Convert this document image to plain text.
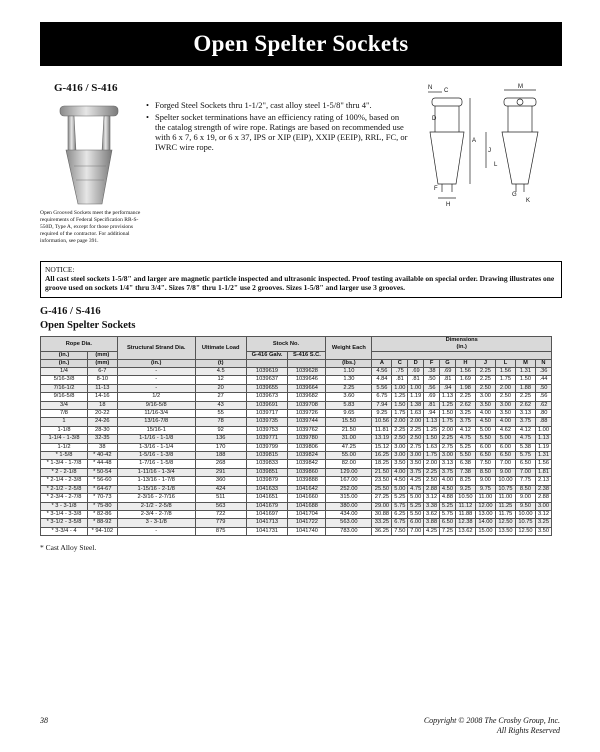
Open Spelter Sockets
G-416 / S-416
• Forged Steel Sockets thru 1-1/2", cast alloy steel 1-5/8" thru 4".
• Spelter socket terminations have an efficiency rating of 100%, based on the catalog strength of wire rope. Ratings are based on recommended use with 6 x 7, 6 x 19, or 6 x 37, IPS or XIP (EIP), XXIP (EEIP), RRL, FC, or IWRC wire rope.
N C
M
A
D
J
L
F
G
H
K
Open Grooved Sockets meet the performance requirements of Federal Specification RR-S-550D, Type A, except for those provisions required of the contractor. For additional information, see page 391.
NOTICE:
All cast steel sockets 1-5/8" and larger are magnetic particle inspected and ultrasonic inspected. Proof testing available on special order. Drawing illustrates one groove used on sockets 1/4" thru 3/4". Sizes 7/8" thru 1-1/2" use 2 grooves. Sizes 1-5/8" and larger use 3 grooves.
G-416 / S-416
Open Spelter Sockets
Rope Dia.		Structural Strand Dia.	Ultimate Load	Stock No.		Weight Each	Dimensions
(in.)									

(in.)	(mm)			G-416 Galv.	S-416 S.C.											
(in.)	(mm)	(in.)	(t)			(lbs.)	A	C	D	F	G	H	J	L	M	N
1/4	6-7	-	4.5	1039619	1039628	1.10	4.56	.75	.69	.38	.69	1.56	2.25	1.56	1.31	.36
5/16-3/8	8-10	-	12	1039637	1039646	1.30	4.84	.81	.81	.50	.81	1.69	2.25	1.75	1.50	.44
7/16-1/2	11-13	-	20	1039655	1039664	2.25	5.56	1.00	1.00	.56	.94	1.98	2.50	2.00	1.88	.50
9/16-5/8	14-16	1/2	27	1039673	1039682	3.60	6.75	1.25	1.19	.69	1.13	2.25	3.00	2.50	2.25	.56
3/4	18	9/16-5/8	43	1039691	1039708	5.83	7.94	1.50	1.38	.81	1.25	2.62	3.50	3.00	2.62	.62
7/8	20-22	11/16-3/4	55	1039717	1039726	9.65	9.25	1.75	1.63	.94	1.50	3.25	4.00	3.50	3.13	.80
1	24-26	13/16-7/8	78	1039735	1039744	15.50	10.56	2.00	2.00	1.13	1.75	3.75	4.50	4.00	3.75	.88
1-1/8	28-30	15/16-1	92	1039753	1039762	21.50	11.81	2.25	2.25	1.25	2.00	4.12	5.00	4.62	4.12	1.00
1-1/4 - 1-3/8	32-35	1-1/16 - 1-1/8	136	1039771	1039780	31.00	13.19	2.50	2.50	1.50	2.25	4.75	5.50	5.00	4.75	1.13
1-1/2	38	1-3/16 - 1-1/4	170	1039799	1039806	47.25	15.12	3.00	2.75	1.63	2.75	5.25	6.00	6.00	5.38	1.19
* 1-5/8	* 40-42	1-5/16 - 1-3/8	188	1039815	1039824	55.00	16.25	3.00	3.00	1.75	3.00	5.50	6.50	6.50	5.75	1.31
* 1-3/4 - 1-7/8	* 44-48	1-7/16 - 1-5/8	268	1039833	1039842	82.00	18.25	3.50	3.50	2.00	3.13	6.38	7.50	7.00	6.50	1.56
* 2 - 2-1/8	* 50-54	1-11/16 - 1-3/4	291	1039851	1039860	129.00	21.50	4.00	3.75	2.25	3.75	7.38	8.50	9.00	7.00	1.81
* 2-1/4 - 2-3/8	* 56-60	1-13/16 - 1-7/8	360	1039879	1039888	167.00	23.50	4.50	4.25	2.50	4.00	8.25	9.00	10.00	7.75	2.13
* 2-1/2 - 2-5/8	* 64-67	1-15/16 - 2-1/8	424	1041633	1041642	252.00	25.50	5.00	4.75	2.88	4.50	9.25	9.75	10.75	8.50	2.38
* 2-3/4 - 2-7/8	* 70-73	2-3/16 - 2-7/16	511	1041651	1041660	315.00	27.25	5.25	5.00	3.12	4.88	10.50	11.00	11.00	9.00	2.88
* 3 - 3-1/8	* 75-80	2-1/2 - 2-5/8	563	1041679	1041688	380.00	29.00	5.75	5.25	3.38	5.25	11.12	12.00	11.25	9.50	3.00
* 3-1/4 - 3-3/8	* 82-86	2-3/4 - 2-7/8	722	1041697	1041704	434.00	30.88	6.25	5.50	3.62	5.75	11.88	13.00	11.75	10.00	3.12
* 3-1/2 - 3-5/8	* 88-92	3 - 3-1/8	779	1041713	1041722	563.00	33.25	6.75	6.00	3.88	6.50	12.38	14.00	12.50	10.75	3.25
* 3-3/4 - 4	* 94-102	-	875	1041731	1041740	783.00	36.25	7.50	7.00	4.25	7.25	13.62	15.00	13.50	12.50	3.50
* Cast Alloy Steel.
38	Copyright © 2008 The Crosby Group, Inc.
All Rights Reserved
